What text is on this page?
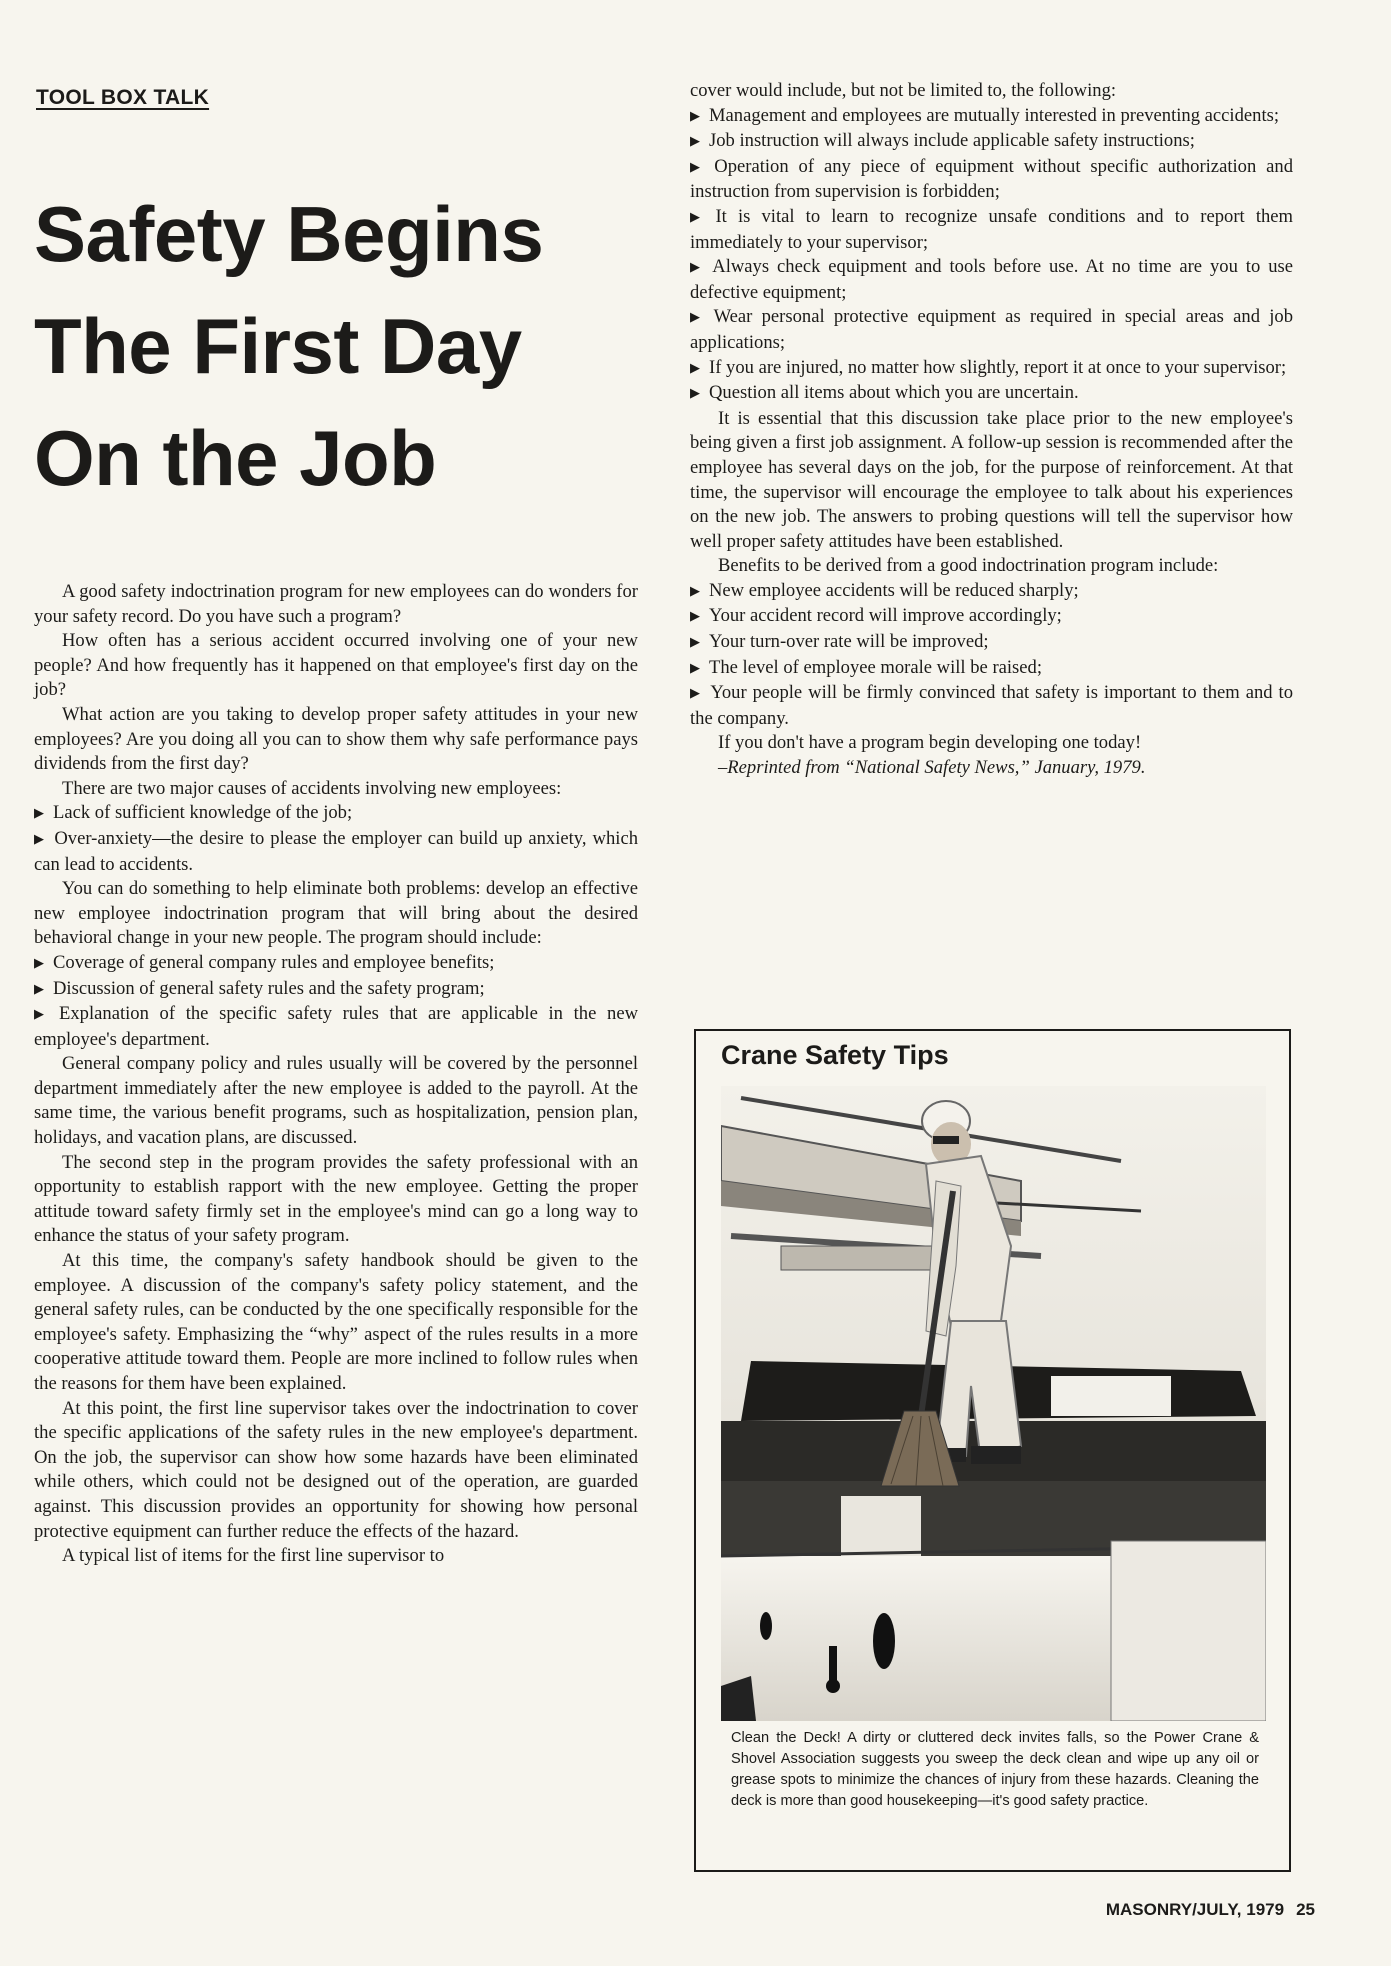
TOOL BOX TALK
Safety Begins
The First Day
On the Job

A good safety indoctrination program for new employees can do wonders for your safety record. Do you have such a program?

How often has a serious accident occurred involving one of your new people? And how frequently has it happened on that employee's first day on the job?

What action are you taking to develop proper safety attitudes in your new employees? Are you doing all you can to show them why safe performance pays dividends from the first day?

There are two major causes of accidents involving new employees:

▶ Lack of sufficient knowledge of the job;

▶ Over-anxiety—the desire to please the employer can build up anxiety, which can lead to accidents.

You can do something to help eliminate both problems: develop an effective new employee indoctrination program that will bring about the desired behavioral change in your new people. The program should include:

▶ Coverage of general company rules and employee benefits;

▶ Discussion of general safety rules and the safety program;

▶ Explanation of the specific safety rules that are applicable in the new employee's department.

General company policy and rules usually will be covered by the personnel department immediately after the new employee is added to the payroll. At the same time, the various benefit programs, such as hospitalization, pension plan, holidays, and vacation plans, are discussed.

The second step in the program provides the safety professional with an opportunity to establish rapport with the new employee. Getting the proper attitude toward safety firmly set in the employee's mind can go a long way to enhance the status of your safety program.

At this time, the company's safety handbook should be given to the employee. A discussion of the company's safety policy statement, and the general safety rules, can be conducted by the one specifically responsible for the employee's safety. Emphasizing the “why” aspect of the rules results in a more cooperative attitude toward them. People are more inclined to follow rules when the reasons for them have been explained.

At this point, the first line supervisor takes over the indoctrination to cover the specific applications of the safety rules in the new employee's department. On the job, the supervisor can show how some hazards have been eliminated while others, which could not be designed out of the operation, are guarded against. This discussion provides an opportunity for showing how personal protective equipment can further reduce the effects of the hazard.

A typical list of items for the first line supervisor to

cover would include, but not be limited to, the following:

▶ Management and employees are mutually interested in preventing accidents;

▶ Job instruction will always include applicable safety instructions;

▶ Operation of any piece of equipment without specific authorization and instruction from supervision is forbidden;

▶ It is vital to learn to recognize unsafe conditions and to report them immediately to your supervisor;

▶ Always check equipment and tools before use. At no time are you to use defective equipment;

▶ Wear personal protective equipment as required in special areas and job applications;

▶ If you are injured, no matter how slightly, report it at once to your supervisor;

▶ Question all items about which you are uncertain.

It is essential that this discussion take place prior to the new employee's being given a first job assignment. A follow-up session is recommended after the employee has several days on the job, for the purpose of reinforcement. At that time, the supervisor will encourage the employee to talk about his experiences on the new job. The answers to probing questions will tell the supervisor how well proper safety attitudes have been established.

Benefits to be derived from a good indoctrination program include:

▶ New employee accidents will be reduced sharply;

▶ Your accident record will improve accordingly;

▶ Your turn-over rate will be improved;

▶ The level of employee morale will be raised;

▶ Your people will be firmly convinced that safety is important to them and to the company.

If you don't have a program begin developing one today!

–Reprinted from “National Safety News,” January, 1979.

Crane Safety Tips

Clean the Deck! A dirty or cluttered deck invites falls, so the Power Crane & Shovel Association suggests you sweep the deck clean and wipe up any oil or grease spots to minimize the chances of injury from these hazards. Cleaning the deck is more than good housekeeping—it's good safety practice.

MASONRY/JULY, 1979 25
